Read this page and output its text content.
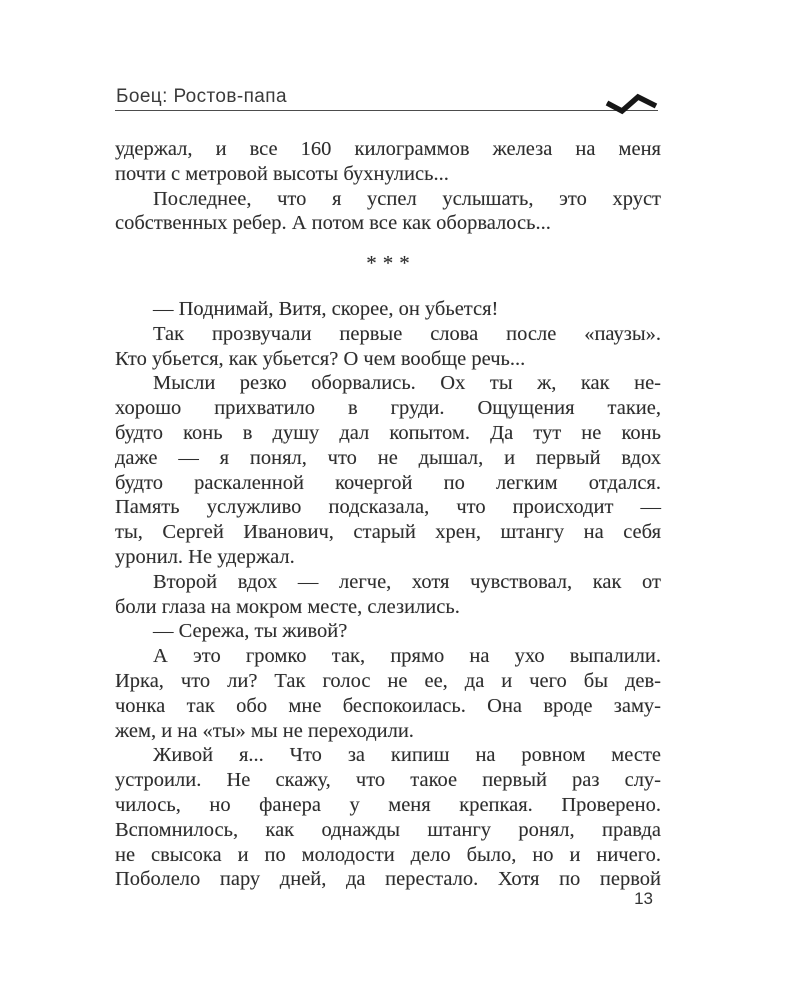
Боец: Ростов-папа
удержал, и все 160 килограммов железа на меня
почти с метровой высоты бухнулись...
Последнее, что я успел услышать, это хруст
собственных ребер. А потом все как оборвалось...
***
— Поднимай, Витя, скорее, он убьется!
Так прозвучали первые слова после «паузы».
Кто убьется, как убьется? О чем вообще речь...
Мысли резко оборвались. Ох ты ж, как не-
хорошо прихватило в груди. Ощущения такие,
будто конь в душу дал копытом. Да тут не конь
даже — я понял, что не дышал, и первый вдох
будто раскаленной кочергой по легким отдался.
Память услужливо подсказала, что происходит —
ты, Сергей Иванович, старый хрен, штангу на себя
уронил. Не удержал.
Второй вдох — легче, хотя чувствовал, как от
боли глаза на мокром месте, слезились.
— Сережа, ты живой?
А это громко так, прямо на ухо выпалили.
Ирка, что ли? Так голос не ее, да и чего бы дев-
чонка так обо мне беспокоилась. Она вроде заму-
жем, и на «ты» мы не переходили.
Живой я... Что за кипиш на ровном месте
устроили. Не скажу, что такое первый раз слу-
чилось, но фанера у меня крепкая. Проверено.
Вспомнилось, как однажды штангу ронял, правда
не свысока и по молодости дело было, но и ничего.
Поболело пару дней, да перестало. Хотя по первой
13
